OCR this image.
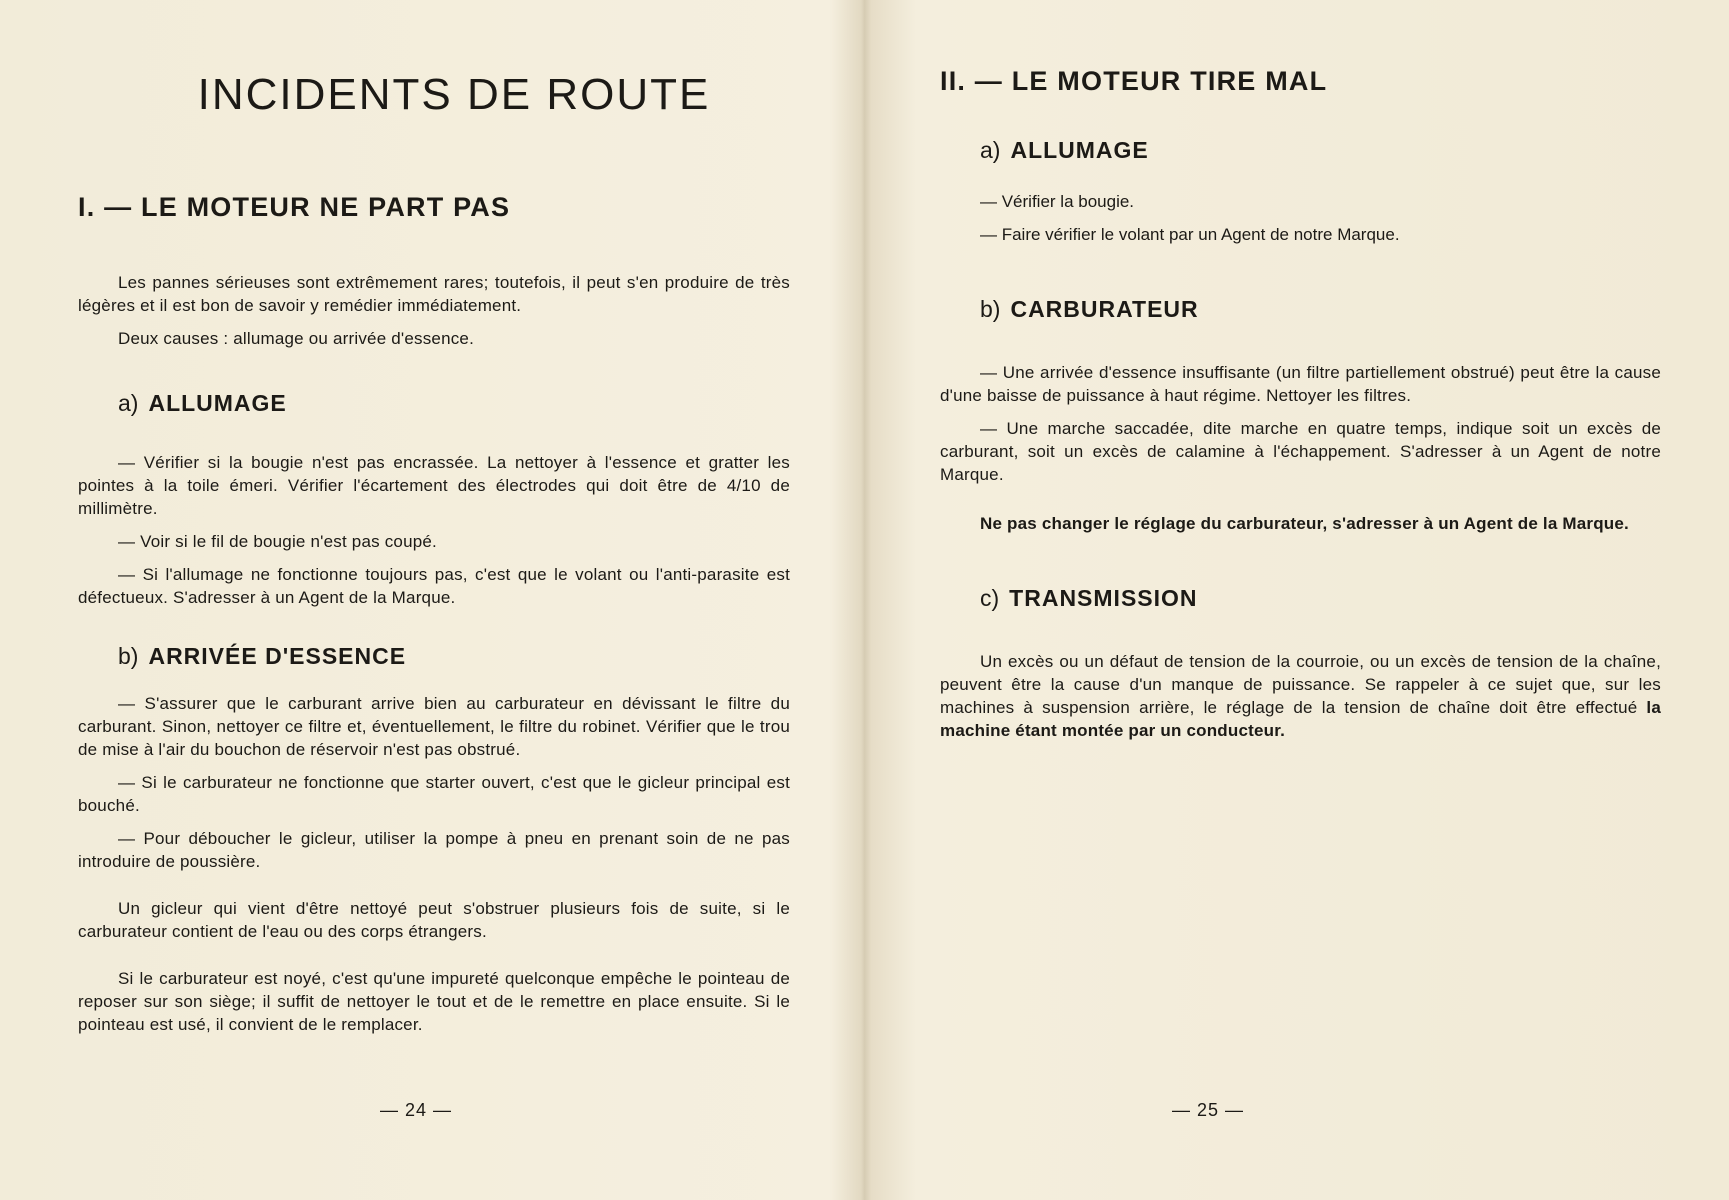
INCIDENTS DE ROUTE
I. — LE MOTEUR NE PART PAS

Les pannes sérieuses sont extrêmement rares; toutefois, il peut s'en produire de très légères et il est bon de savoir y remédier immédiatement.

Deux causes : allumage ou arrivée d'essence.

a) ALLUMAGE

— Vérifier si la bougie n'est pas encrassée. La nettoyer à l'essence et gratter les pointes à la toile émeri. Vérifier l'écartement des électrodes qui doit être de 4/10 de millimètre.

— Voir si le fil de bougie n'est pas coupé.

— Si l'allumage ne fonctionne toujours pas, c'est que le volant ou l'anti-parasite est défectueux. S'adresser à un Agent de la Marque.

b) ARRIVÉE D'ESSENCE

— S'assurer que le carburant arrive bien au carburateur en dévissant le filtre du carburant. Sinon, nettoyer ce filtre et, éventuellement, le filtre du robinet. Vérifier que le trou de mise à l'air du bouchon de réservoir n'est pas obstrué.

— Si le carburateur ne fonctionne que starter ouvert, c'est que le gicleur principal est bouché.

— Pour déboucher le gicleur, utiliser la pompe à pneu en prenant soin de ne pas introduire de poussière.

Un gicleur qui vient d'être nettoyé peut s'obstruer plusieurs fois de suite, si le carburateur contient de l'eau ou des corps étrangers.

Si le carburateur est noyé, c'est qu'une impureté quelconque empêche le pointeau de reposer sur son siège; il suffit de nettoyer le tout et de le remettre en place ensuite. Si le pointeau est usé, il convient de le remplacer.

— 24 —
II. — LE MOTEUR TIRE MAL
a) ALLUMAGE

— Vérifier la bougie.

— Faire vérifier le volant par un Agent de notre Marque.

b) CARBURATEUR

— Une arrivée d'essence insuffisante (un filtre partiellement obstrué) peut être la cause d'une baisse de puissance à haut régime. Nettoyer les filtres.

— Une marche saccadée, dite marche en quatre temps, indique soit un excès de carburant, soit un excès de calamine à l'échappement. S'adresser à un Agent de notre Marque.

Ne pas changer le réglage du carburateur, s'adresser à un Agent de la Marque.

c) TRANSMISSION

Un excès ou un défaut de tension de la courroie, ou un excès de tension de la chaîne, peuvent être la cause d'un manque de puissance. Se rappeler à ce sujet que, sur les machines à suspension arrière, le réglage de la tension de chaîne doit être effectué la machine étant montée par un conducteur.

— 25 —
